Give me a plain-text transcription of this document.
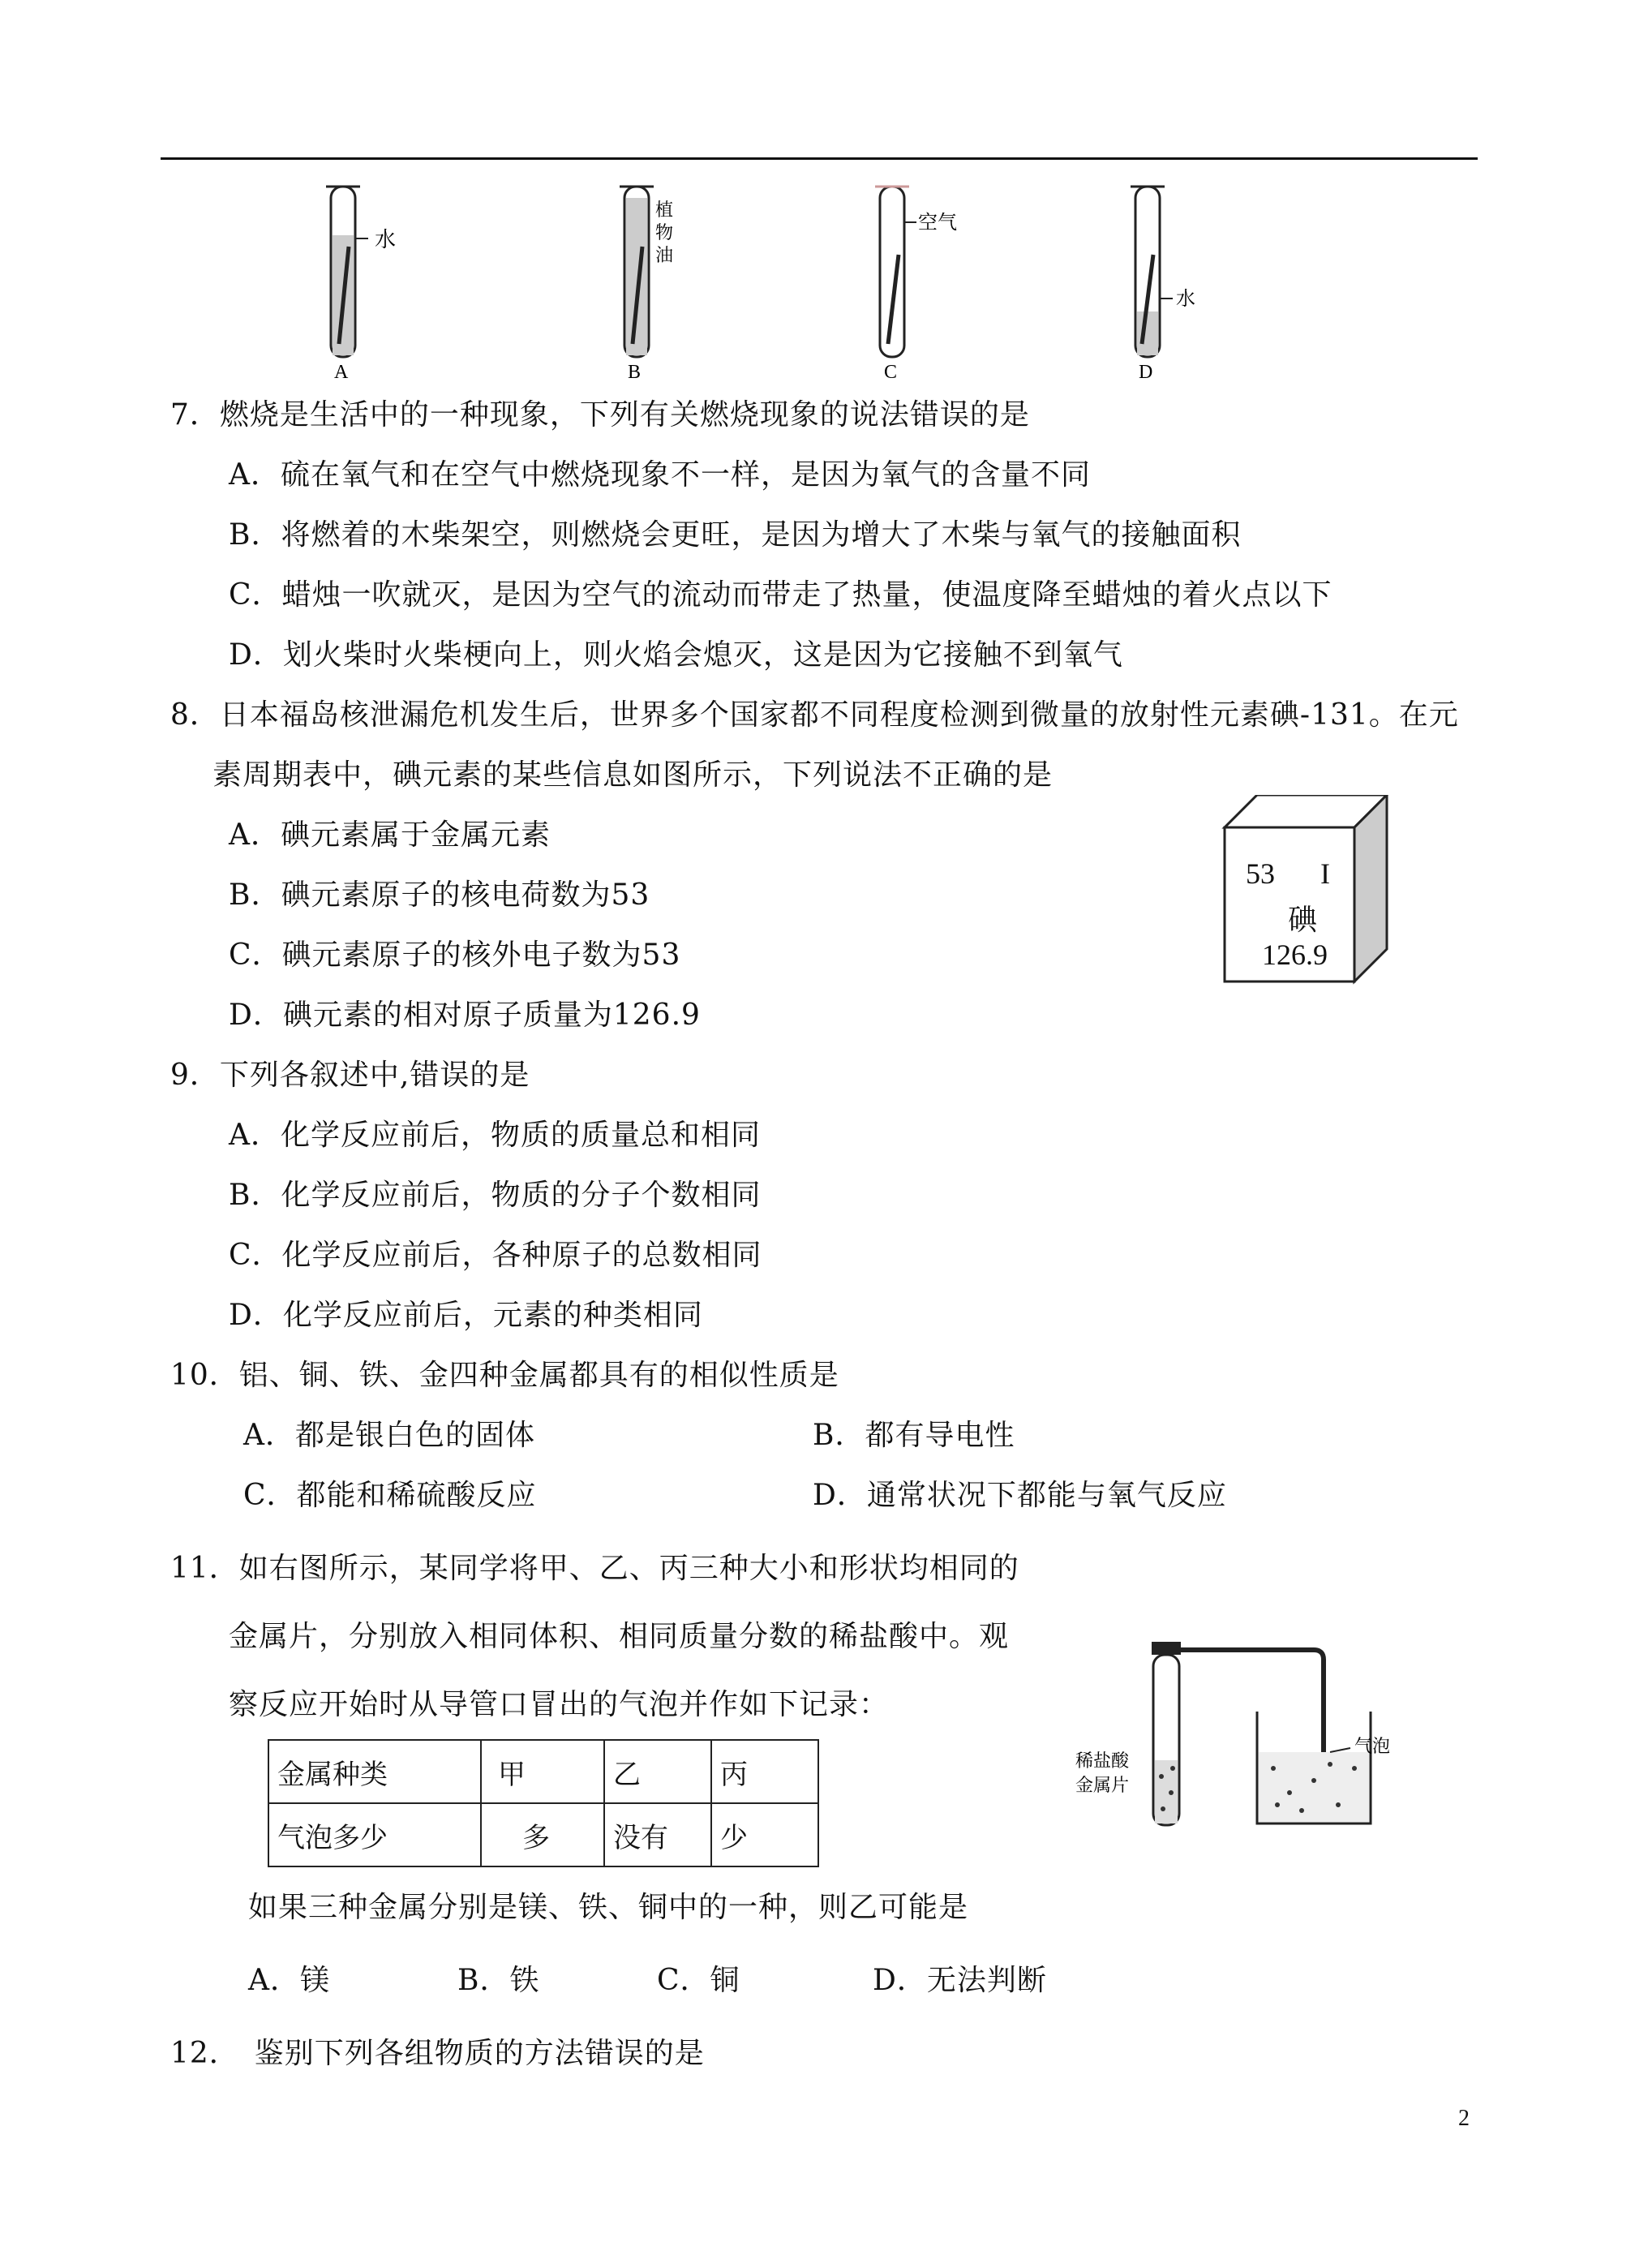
水
A
植
物
油
B
空气
C
水
D
7．燃烧是生活中的一种现象，下列有关燃烧现象的说法错误的是
A．硫在氧气和在空气中燃烧现象不一样，是因为氧气的含量不同
B．将燃着的木柴架空，则燃烧会更旺，是因为增大了木柴与氧气的接触面积
C．蜡烛一吹就灭，是因为空气的流动而带走了热量，使温度降至蜡烛的着火点以下
D．划火柴时火柴梗向上，则火焰会熄灭，这是因为它接触不到氧气
8．日本福岛核泄漏危机发生后，世界多个国家都不同程度检测到微量的放射性元素碘-131。在元
素周期表中，碘元素的某些信息如图所示，下列说法不正确的是
A．碘元素属于金属元素
B．碘元素原子的核电荷数为53
C．碘元素原子的核外电子数为53
D．碘元素的相对原子质量为126.9
53 I
碘
126.9
9．下列各叙述中,错误的是
A．化学反应前后，物质的质量总和相同
B．化学反应前后，物质的分子个数相同
C．化学反应前后，各种原子的总数相同
D．化学反应前后，元素的种类相同
10．铝、铜、铁、金四种金属都具有的相似性质是
A．都是银白色的固体	B．都有导电性
C．都能和稀硫酸反应	D．通常状况下都能与氧气反应
11．如右图所示，某同学将甲、乙、丙三种大小和形状均相同的
金属片，分别放入相同体积、相同质量分数的稀盐酸中。观
察反应开始时从导管口冒出的气泡并作如下记录：
金属种类	甲	乙	丙
气泡多少	多	没有	少
气泡
稀盐酸
金属片
如果三种金属分别是镁、铁、铜中的一种，则乙可能是
A．镁	B．铁	C．铜	D．无法判断
12．　鉴别下列各组物质的方法错误的是
2
